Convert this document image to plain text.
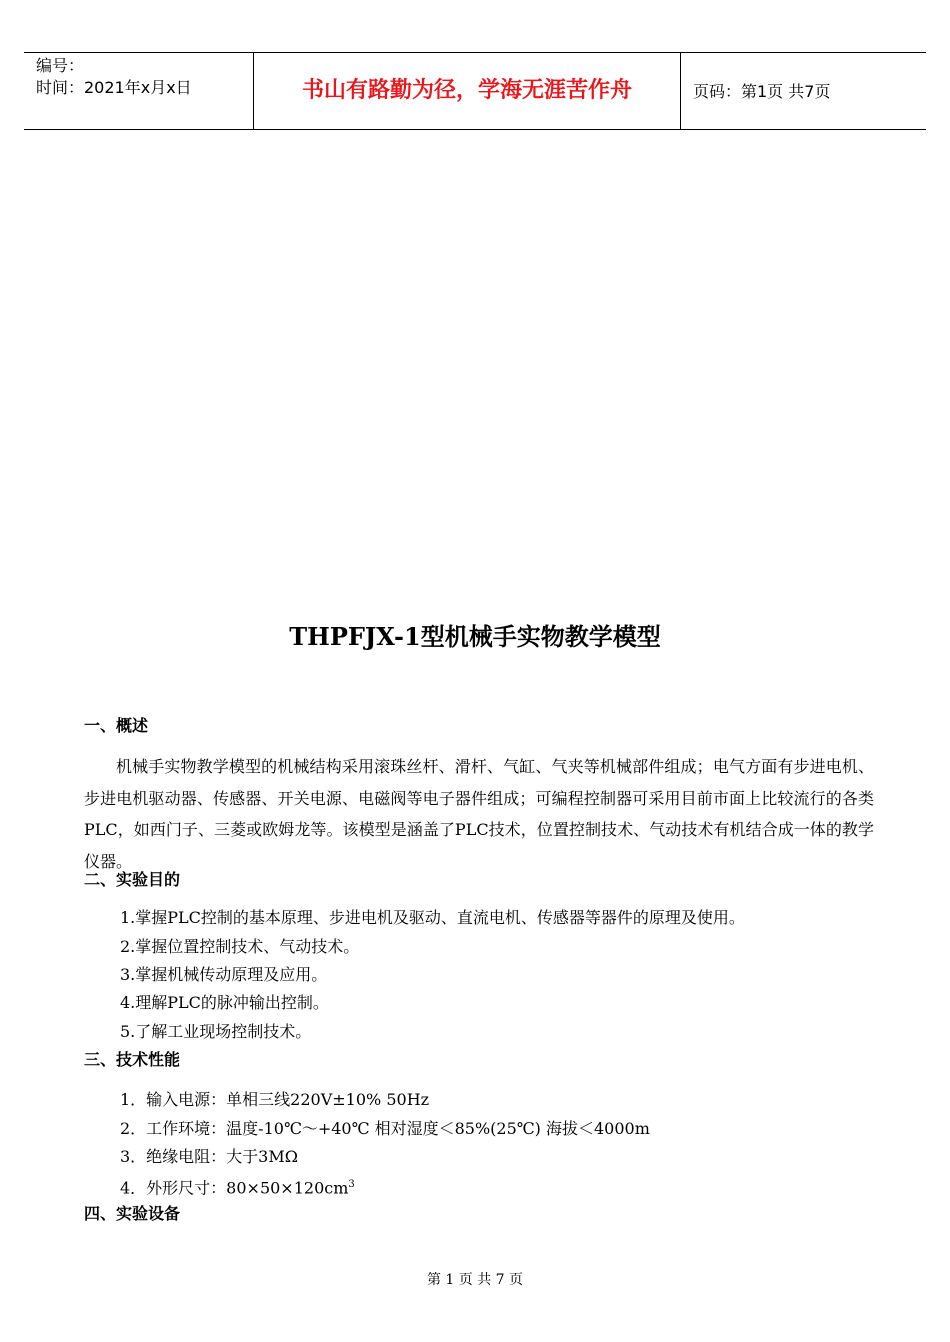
编号：
时间：2021年x月x日	书山有路勤为径，学海无涯苦作舟	页码：第1页 共7页
THPFJX-1型机械手实物教学模型
一、概述
机械手实物教学模型的机械结构采用滚珠丝杆、滑杆、气缸、气夹等机械部件组成；电气方面有步进电机、步进电机驱动器、传感器、开关电源、电磁阀等电子器件组成；可编程控制器可采用目前市面上比较流行的各类PLC，如西门子、三菱或欧姆龙等。该模型是涵盖了PLC技术，位置控制技术、气动技术有机结合成一体的教学仪器。
二、实验目的
1.掌握PLC控制的基本原理、步进电机及驱动、直流电机、传感器等器件的原理及使用。
2.掌握位置控制技术、气动技术。
3.掌握机械传动原理及应用。
4.理解PLC的脉冲输出控制。
5.了解工业现场控制技术。
三、技术性能
1．输入电源：单相三线220V±10% 50Hz
2．工作环境：温度-10℃～+40℃ 相对湿度＜85%(25℃) 海拔＜4000m
3．绝缘电阻：大于3MΩ
4．外形尺寸：$80\times 50\times 120cm^3$
四、实验设备
第 1 页 共 7 页
